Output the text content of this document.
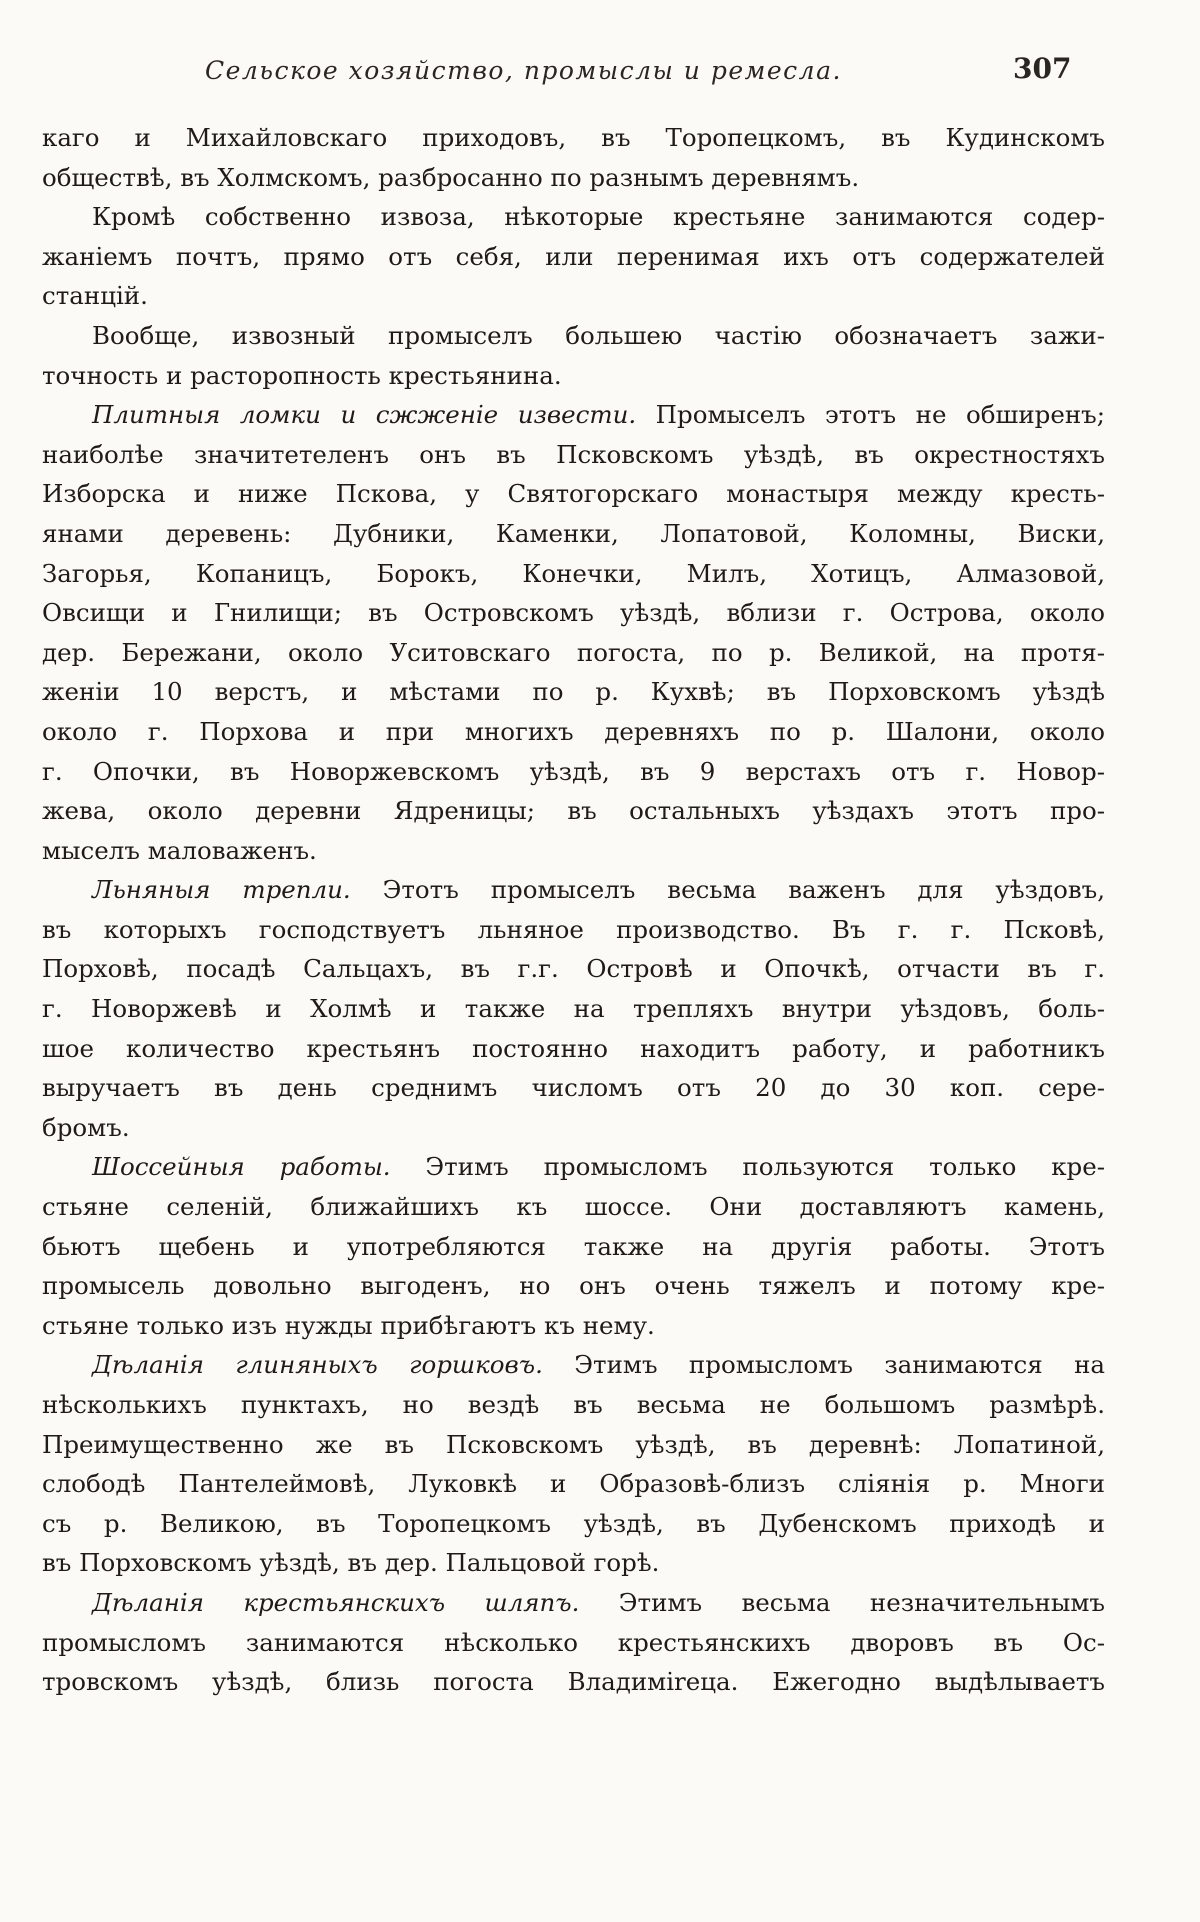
Сельское хозяйство, промыслы и ремесла.	307
каго и Михайловскаго приходовъ, въ Торопецкомъ, въ Кудинскомъ
обществѣ, въ Холмскомъ, разбросанно по разнымъ деревнямъ.
Кромѣ собственно извоза, нѣкоторые крестьяне занимаются содер-
жаніемъ почтъ, прямо отъ себя, или перенимая ихъ отъ содержателей
станцій.
Вообще, извозный промыселъ большею частію обозначаетъ зажи-
точность и расторопность крестьянина.
Плитныя ломки и сжженіе извести. Промыселъ этотъ не обширенъ;
наиболѣе значитетеленъ онъ въ Псковскомъ уѣздѣ, въ окрестностяхъ
Изборска и ниже Пскова, у Святогорскаго монастыря между кресть-
янами деревень: Дубники, Каменки, Лопатовой, Коломны, Виски,
Загорья, Копаницъ, Борокъ, Конечки, Милъ, Хотицъ, Алмазовой,
Овсищи и Гнилищи; въ Островскомъ уѣздѣ, вблизи г. Острова, около
дер. Бережани, около Уситовскаго погоста, по р. Великой, на протя-
женіи 10 верстъ, и мѣстами по р. Кухвѣ; въ Порховскомъ уѣздѣ
около г. Порхова и при многихъ деревняхъ по р. Шалони, около
г. Опочки, въ Новоржевскомъ уѣздѣ, въ 9 верстахъ отъ г. Новор-
жева, около деревни Ядреницы; въ остальныхъ уѣздахъ этотъ про-
мыселъ маловаженъ.
Льняныя трепли. Этотъ промыселъ весьма важенъ для уѣздовъ,
въ которыхъ господствуетъ льняное производство. Въ г. г. Псковѣ,
Порховѣ, посадѣ Сальцахъ, въ г.г. Островѣ и Опочкѣ, отчасти въ г.
г. Новоржевѣ и Холмѣ и также на трепляхъ внутри уѣздовъ, боль-
шое количество крестьянъ постоянно находитъ работу, и работникъ
выручаетъ въ день среднимъ числомъ отъ 20 до 30 коп. сере-
бромъ.
Шоссейныя работы. Этимъ промысломъ пользуются только кре-
стьяне селеній, ближайшихъ къ шоссе. Они доставляютъ камень,
бьютъ щебень и употребляются также на другія работы. Этотъ
промысель довольно выгоденъ, но онъ очень тяжелъ и потому кре-
стьяне только изъ нужды прибѣгаютъ къ нему.
Дѣланія глиняныхъ горшковъ. Этимъ промысломъ занимаются на
нѣсколькихъ пунктахъ, но вездѣ въ весьма не большомъ размѣрѣ.
Преимущественно же въ Псковскомъ уѣздѣ, въ деревнѣ: Лопатиной,
слободѣ Пантелеймовѣ, Луковкѣ и Образовѣ-близъ сліянія р. Многи
съ р. Великою, въ Торопецкомъ уѣздѣ, въ Дубенскомъ приходѣ и
въ Порховскомъ уѣздѣ, въ дер. Пальцовой горѣ.
Дѣланія крестьянскихъ шляпъ. Этимъ весьма незначительнымъ
промысломъ занимаются нѣсколько крестьянскихъ дворовъ въ Ос-
тровскомъ уѣздѣ, близь погоста Владимireца. Ежегодно выдѣлываетъ
